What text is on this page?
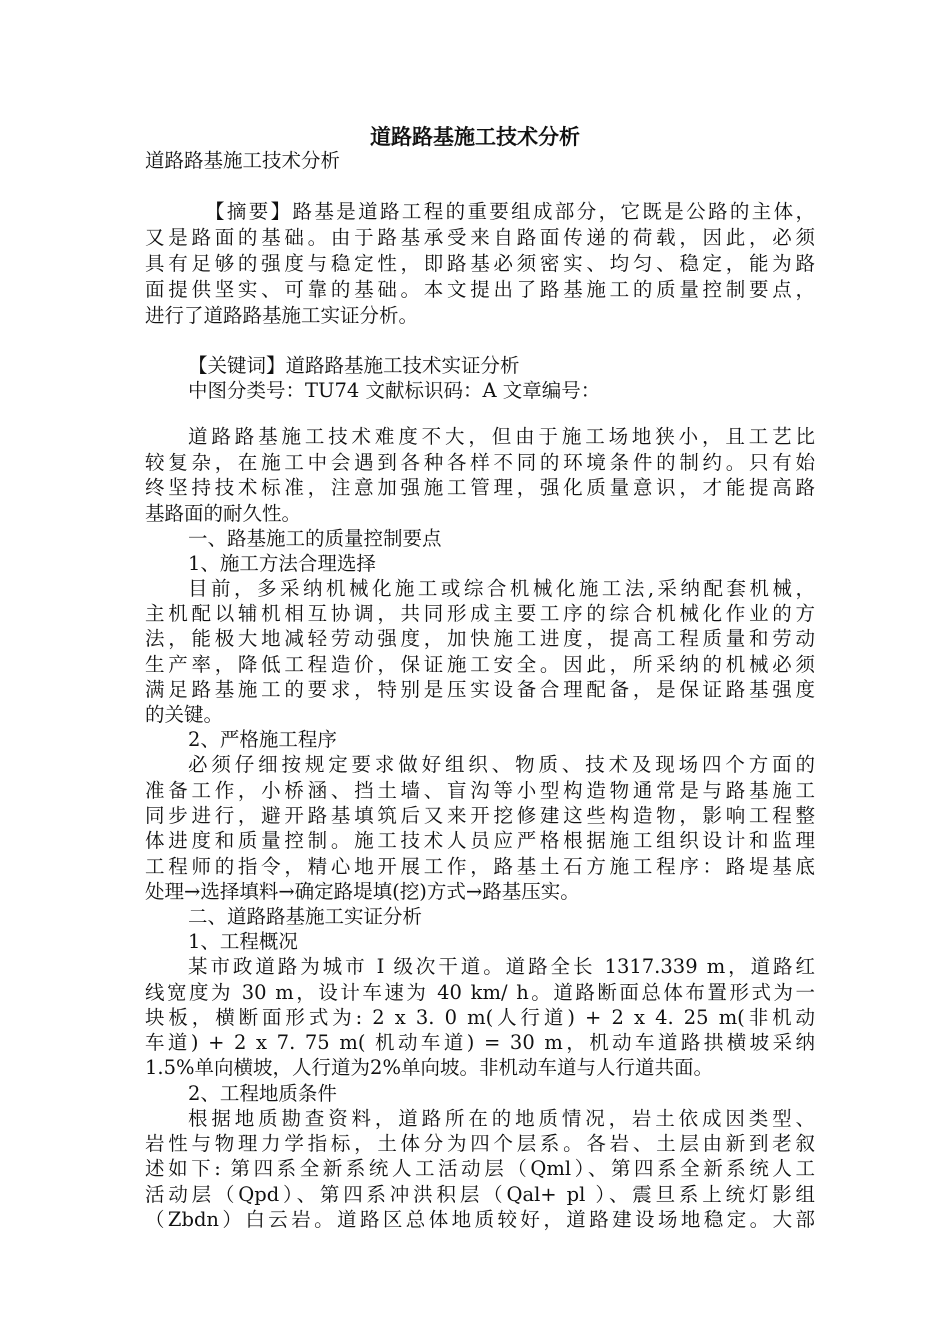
道路路基施工技术分析
道路路基施工技术分析
【摘要】路基是道路工程的重要组成部分，它既是公路的主体，
又是路面的基础。由于路基承受来自路面传递的荷载，因此，必须
具有足够的强度与稳定性，即路基必须密实、均匀、稳定，能为路
面提供坚实、可靠的基础。本文提出了路基施工的质量控制要点，
进行了道路路基施工实证分析。
【关键词】道路路基施工技术实证分析
中图分类号：TU74 文献标识码：A 文章编号：
道路路基施工技术难度不大，但由于施工场地狭小，且工艺比
较复杂，在施工中会遇到各种各样不同的环境条件的制约。只有始
终坚持技术标准，注意加强施工管理，强化质量意识，才能提高路
基路面的耐久性。
一、路基施工的质量控制要点
1、施工方法合理选择
目前，多采纳机械化施工或综合机械化施工法,采纳配套机械，
主机配以辅机相互协调，共同形成主要工序的综合机械化作业的方
法，能极大地减轻劳动强度，加快施工进度，提高工程质量和劳动
生产率，降低工程造价，保证施工安全。因此，所采纳的机械必须
满足路基施工的要求，特别是压实设备合理配备，是保证路基强度
的关键。
2、严格施工程序
必须仔细按规定要求做好组织、物质、技术及现场四个方面的
准备工作，小桥涵、挡土墙、盲沟等小型构造物通常是与路基施工
同步进行，避开路基填筑后又来开挖修建这些构造物，影响工程整
体进度和质量控制。施工技术人员应严格根据施工组织设计和监理
工程师的指令，精心地开展工作，路基土石方施工程序：路堤基底
处理→选择填料→确定路堤填(挖)方式→路基压实。
二、道路路基施工实证分析
1、工程概况
某市政道路为城市 I 级次干道。道路全长 1317.339 m，道路红
线宽度为 30 m，设计车速为 40 km/ h。道路断面总体布置形式为一
块板，横断面形式为: 2 x 3. 0 m(人行道) + 2 x 4. 25 m(非机动
车道) + 2 x 7. 75 m( 机动车道) = 30 m，机动车道路拱横坡采纳
1.5%单向横坡，人行道为2%单向坡。非机动车道与人行道共面。
2、工程地质条件
根据地质勘查资料，道路所在的地质情况，岩土依成因类型、
岩性与物理力学指标，土体分为四个层系。各岩、土层由新到老叙
述如下: 第四系全新系统人工活动层（Qml）、第四系全新系统人工
活动层（Qpd）、第四系冲洪积层（Qal+ pl ）、震旦系上统灯影组
（Zbdn）白云岩。道路区总体地质较好，道路建设场地稳定。大部
